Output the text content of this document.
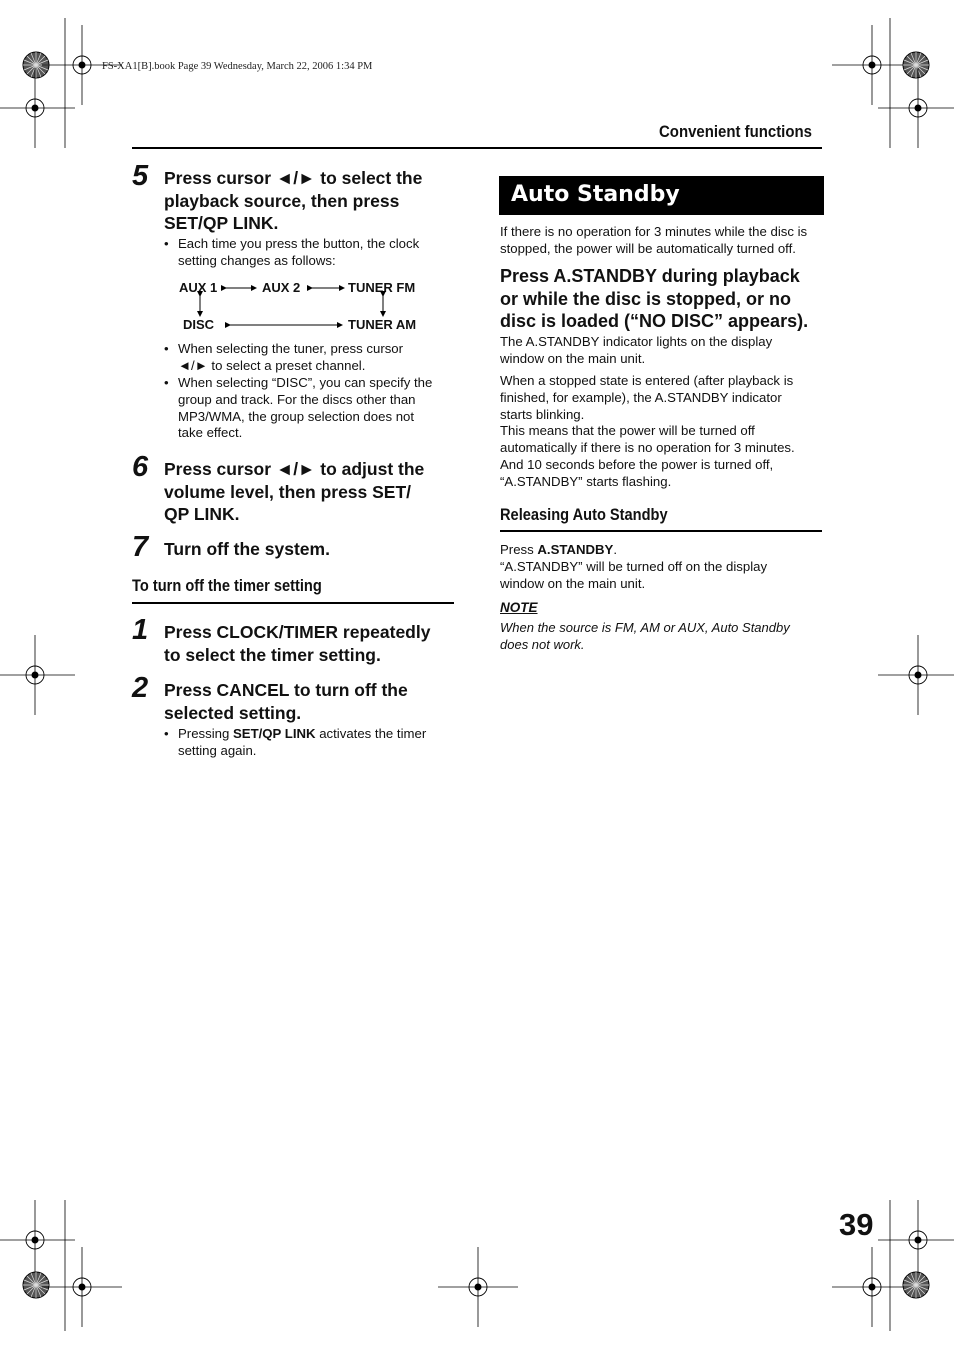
FS-XA1[B].book Page 39 Wednesday, March 22, 2006 1:34 PM
Convenient functions
5 Press cursor ◄/► to select the
playback source, then press
SET/QP LINK.
• Each time you press the button, the clock
setting changes as follows:
AUX 1	AUX 2	TUNER FM
DISC	TUNER AM
• When selecting the tuner, press cursor
◄/► to select a preset channel.
• When selecting “DISC”, you can specify the
group and track. For the discs other than
MP3/WMA, the group selection does not
take effect.
6 Press cursor ◄/► to adjust the
volume level, then press SET/
QP LINK.
7 Turn off the system.
To turn off the timer setting
1 Press CLOCK/TIMER repeatedly
to select the timer setting.
2 Press CANCEL to turn off the
selected setting.
• Pressing SET/QP LINK activates the timer
setting again.
Auto Standby
If there is no operation for 3 minutes while the disc is
stopped, the power will be automatically turned off.
Press A.STANDBY during playback
or while the disc is stopped, or no
disc is loaded (“NO DISC” appears).
The A.STANDBY indicator lights on the display
window on the main unit.
When a stopped state is entered (after playback is
finished, for example), the A.STANDBY indicator
starts blinking.
This means that the power will be turned off
automatically if there is no operation for 3 minutes.
And 10 seconds before the power is turned off,
“A.STANDBY” starts flashing.
Releasing Auto Standby
Press A.STANDBY.
“A.STANDBY” will be turned off on the display
window on the main unit.
NOTE
When the source is FM, AM or AUX, Auto Standby
does not work.
39
